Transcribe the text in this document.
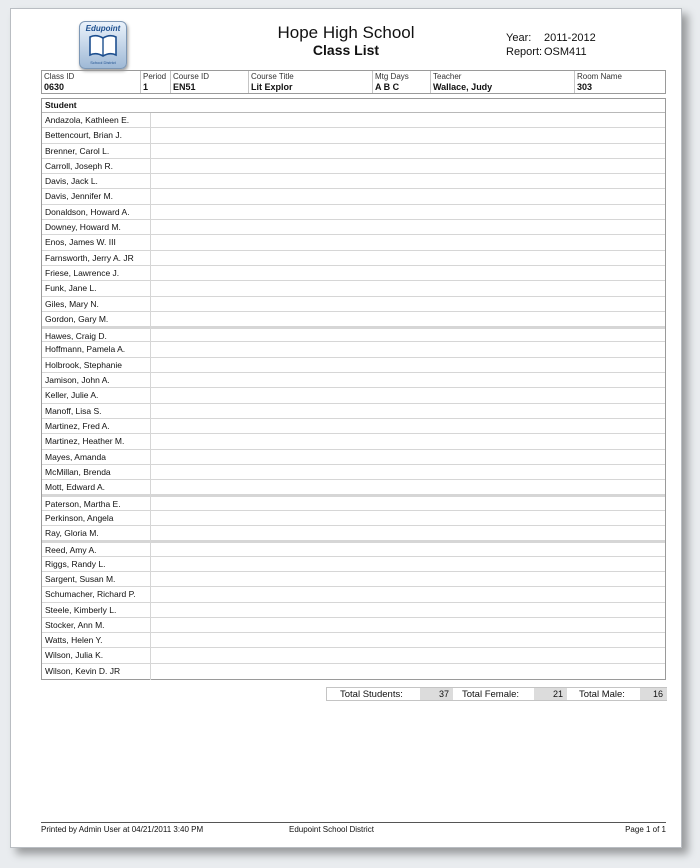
Edupoint
School District
Hope High School
Class List
Year: 2011-2012
Report: OSM411
Class ID
0630
Period
1
Course ID
EN51
Course Title
Lit Explor
Mtg Days
A B C
Teacher
Wallace, Judy
Room Name
303
Student
Andazola, Kathleen E.
Bettencourt, Brian J.
Brenner, Carol L.
Carroll, Joseph R.
Davis, Jack L.
Davis, Jennifer M.
Donaldson, Howard A.
Downey, Howard M.
Enos, James W. III
Farnsworth, Jerry A. JR
Friese, Lawrence J.
Funk, Jane L.
Giles, Mary N.
Gordon, Gary M.
Hawes, Craig D.
Hoffmann, Pamela A.
Holbrook, Stephanie
Jamison, John A.
Keller, Julie A.
Manoff, Lisa S.
Martinez, Fred A.
Martinez, Heather M.
Mayes, Amanda
McMillan, Brenda
Mott, Edward A.
Paterson, Martha E.
Perkinson, Angela
Ray, Gloria M.
Reed, Amy A.
Riggs, Randy L.
Sargent, Susan M.
Schumacher, Richard P.
Steele, Kimberly L.
Stocker, Ann M.
Watts, Helen Y.
Wilson, Julia K.
Wilson, Kevin D. JR
Total Students:	37	Total Female:	21	Total Male:	16
Printed by Admin User at 04/21/2011 3:40 PM	Edupoint School District	Page 1 of 1
